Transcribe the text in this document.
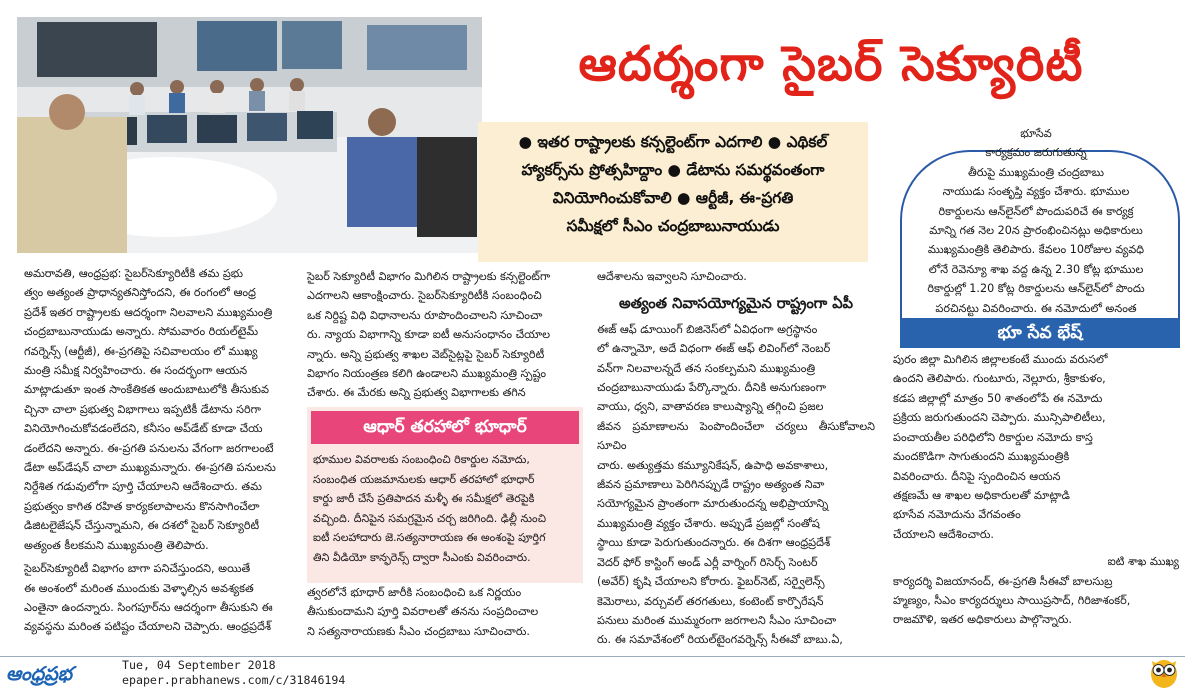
ఆదర్శంగా సైబర్ సెక్యూరిటీ
● ఇతర రాష్ట్రాలకు కన్సల్టెంట్‌గా ఎదగాలి ● ఎథికల్
హ్యాకర్స్‌ను ప్రోత్సహిద్దాం ● డేటాను సమర్థవంతంగా
వినియోగించుకోవాలి ● ఆర్టీజీ, ఈ-ప్రగతి
సమీక్షలో సీఎం చంద్రబాబునాయుడు

అమరావతి, ఆంధ్రప్రభ: సైబర్‌సెక్యూరిటీకి తమ ప్రభు

త్వం అత్యంత ప్రాధాన్యతనిస్తోందని, ఈ రంగంలో ఆంధ్ర

ప్రదేశ్ ఇతర రాష్ట్రాలకు ఆదర్శంగా నిలవాలని ముఖ్యమంత్రి

చంద్రబాబునాయుడు అన్నారు. సోమవారం రియల్‌టైమ్

గవర్నెన్స్ (ఆర్టీజీ), ఈ-ప్రగతిపై సచివాలయం లో ముఖ్య

మంత్రి సమీక్ష నిర్వహించారు. ఈ సందర్భంగా ఆయన

మాట్లాడుతూ ఇంత సాంకేతికత అందుబాటులోకి తీసుకువ

చ్చినా చాలా ప్రభుత్వ విభాగాలు ఇప్పటికీ డేటాను సరిగా

వినియోగించుకోవడంలేదని, కనీసం అప్‌డేట్ కూడా చేయ

డంలేదని అన్నారు. ఈ-ప్రగతి పనులను వేగంగా జరగాలంటే

డేటా అప్‌డేషన్ చాలా ముఖ్యమన్నారు. ఈ-ప్రగతి పనులను

నిర్దేశిత గడువులోగా పూర్తి చేయాలని ఆదేశించారు. తమ

ప్రభుత్వం కాగిత రహిత కార్యకలాపాలను కొనసాగించేలా

డిజిటలైజేషన్ చేస్తున్నామని, ఈ దశలో సైబర్ సెక్యూరిటీ

అత్యంత కీలకమని ముఖ్యమంత్రి తెలిపారు.

సైబర్‌సెక్యూరిటీ విభాగం బాగా పనిచేస్తుందని, అయితే

ఈ అంశంలో మరింత ముందుకు వెళ్ళాల్సిన అవశ్యకత

ఎంతైనా ఉందన్నారు. సింగపూర్‌ను ఆదర్శంగా తీసుకుని ఈ

వ్యవస్థను మరింత పటిష్టం చేయాలని చెప్పారు. ఆంధ్రప్రదేశ్

సైబర్ సెక్యూరిటీ విభాగం మిగిలిన రాష్ట్రాలకు కన్సల్టెంట్‌గా

ఎదగాలని ఆకాంక్షించారు. సైబర్‌సెక్యూరిటీకి సంబంధించి

ఒక నిర్దిష్ట విధి విధానాలను రూపొందించాలని సూచించా

రు. న్యాయ విభాగాన్ని కూడా ఐటీ అనుసంధానం చేయాల

న్నారు. అన్ని ప్రభుత్వ శాఖల వెబ్‌సైట్లపై సైబర్ సెక్యూరిటీ

విభాగం నియంత్రణ కలిగి ఉండాలని ముఖ్యమంత్రి స్పష్టం

చేశారు. ఈ మేరకు అన్ని ప్రభుత్వ విభాగాలకు తగిన

ఆధార్ తరహాలో భూధార్
భూముల వివరాలకు సంబంధించి రికార్డుల నమోదు,
సంబంధిత యజమానులకు ఆధార్ తరహాలో భూధార్
కార్డు జారీ చేసే ప్రతిపాదన మళ్ళీ ఈ సమీక్షలో తెరపైకి
వచ్చింది. దీనిపైన సమగ్రమైన చర్చ జరిగింది. ఢిల్లీ నుంచి
ఐటీ సలహాదారు జె.సత్యనారాయణ ఈ అంశంపై పూర్తిగ
తిని వీడియో కాన్ఫరెన్స్ ద్వారా సీఎంకు వివరించారు.

త్వరలోనే భూధార్ జారీకి సంబంధించి ఒక నిర్ణయం

తీసుకుందామని పూర్తి వివరాలతో తనను సంప్రదించాల

ని సత్యనారాయణకు సీఎం చంద్రబాబు సూచించారు.

ఆదేశాలను ఇవ్వాలని సూచించారు.

అత్యంత నివాసయోగ్యమైన రాష్ట్రంగా ఏపీ

ఈజ్ ఆఫ్ డూయింగ్ బిజినెస్‌లో ఏవిధంగా అగ్రస్థానం

లో ఉన్నామో, అదే విధంగా ఈజ్ ఆఫ్ లివింగ్‌లో నెంబర్

వన్‌గా నిలవాలన్నదే తన సంకల్పమని ముఖ్యమంత్రి

చంద్రబాబునాయుడు పేర్కొన్నారు. దీనికి అనుగుణంగా

వాయు, ధ్వని, వాతావరణ కాలుష్యాన్ని తగ్గించి ప్రజల

జీవన ప్రమాణాలను పెంపొందించేలా చర్యలు తీసుకోవాలని సూచిం

చారు. అత్యుత్తమ కమ్యూనికేషన్, ఉపాధి అవకాశాలు,

జీవన ప్రమాణాలు పెరిగినప్పుడే రాష్ట్రం అత్యంత నివా

సయోగ్యమైన ప్రాంతంగా మారుతుందన్న అభిప్రాయాన్ని

ముఖ్యమంత్రి వ్యక్తం చేశారు. అప్పుడే ప్రజల్లో సంతోష

స్థాయి కూడా పెరుగుతుందన్నారు. ఈ దిశగా ఆంధ్రప్రదేశ్

వెదర్ ఫోర్ కాస్టింగ్ అండ్ ఎర్లీ వార్నింగ్ రిసెర్చ్ సెంటర్

(అవేర్) కృషి చేయాలని కోరారు. ఫైబర్‌నెట్, సర్వైలెన్స్

కెమెరాలు, వర్చువల్ తరగతులు, కంటెంట్ కార్పొరేషన్

పనులు మరింత ముమ్మరంగా జరగాలని సీఎం సూచించా

రు. ఈ సమావేశంలో రియల్‌టైంగవర్నెన్స్ సీఈవో బాబు.ఏ,

భూసేవ

కార్యక్రమం జరుగుతున్న

తీరుపై ముఖ్యమంత్రి చంద్రబాబు

నాయుడు సంతృప్తి వ్యక్తం చేశారు. భూముల

రికార్డులను ఆన్‌లైన్‌లో పొందుపరిచే ఈ కార్యక్ర

మాన్ని గత నెల 20న ప్రారంభించినట్లు అధికారులు

ముఖ్యమంత్రికి తెలిపారు. కేవలం 10రోజుల వ్యవధి

లోనే రెవెన్యూ శాఖ వద్ద ఉన్న 2.30 కోట్ల భూముల

రికార్డుల్లో 1.20 కోట్ల రికార్డులను ఆన్‌లైన్‌లో పొందు

పరచినట్టు వివరించారు. ఈ నమోదులో అనంత

పురం జిల్లా మిగిలిన జిల్లాలకంటే ముందు వరుసలో

ఉందని తెలిపారు. గుంటూరు, నెల్లూరు, శ్రీకాకుళం,

కడప జిల్లాల్లో మాత్రం 50 శాతంలోపే ఈ నమోదు

ప్రక్రియ జరుగుతుందని చెప్పారు. మున్సిపాలిటీలు,

పంచాయతీల పరిధిలోని రికార్డుల నమోదు కాస్త

మందకొడిగా సాగుతుందని ముఖ్యమంత్రికి

వివరించారు. దీనిపై స్పందించిన ఆయన

తక్షణమే ఆ శాఖల అధికారులతో మాట్లాడి

భూసేవ నమోదును వేగవంతం

చేయాలని ఆదేశించారు.

ఐటి శాఖ ముఖ్య

కార్యదర్శి విజయానంద్, ఈ-ప్రగతి సీఈవో బాలసుబ్ర

హ్మణ్యం, సీఎం కార్యదర్శులు సాయిప్రసాద్, గిరిజాశంకర్,

రాజమౌళి, ఇతర అధికారులు పాల్గొన్నారు.

భూ సేవ భేష్
ఆంధ్రప్రభ	Tue, 04 September 2018
epaper.prabhanews.com/c/31846194
